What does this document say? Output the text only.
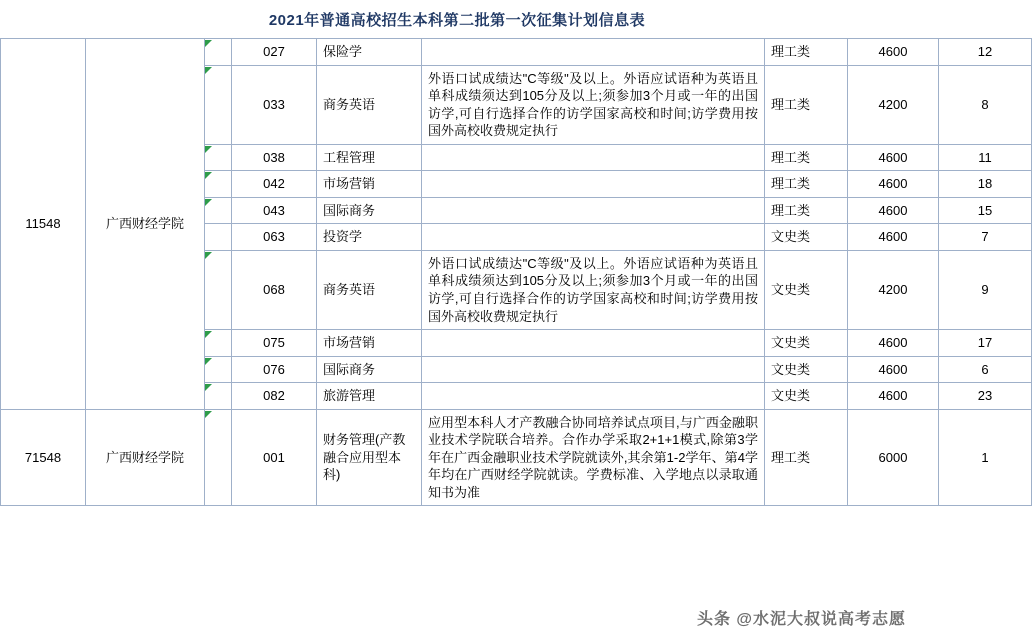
2021年普通高校招生本科第二批第一次征集计划信息表
11548	广西财经学院		027	保险学		理工类	4600	12

			033	商务英语	外语口试成绩达"C等级"及以上。外语应试语种为英语且单科成绩须达到105分及以上;须参加3个月或一年的出国访学,可自行选择合作的访学国家高校和时间;访学费用按国外高校收费规定执行	理工类	4200	8

			038	工程管理		理工类	4600	11

			042	市场营销		理工类	4600	18

			043	国际商务		理工类	4600	15
			063	投资学		文史类	4600	7

			068	商务英语	外语口试成绩达"C等级"及以上。外语应试语种为英语且单科成绩须达到105分及以上;须参加3个月或一年的出国访学,可自行选择合作的访学国家高校和时间;访学费用按国外高校收费规定执行	文史类	4200	9

			075	市场营销		文史类	4600	17

			076	国际商务		文史类	4600	6

			082	旅游管理		文史类	4600	23
71548	广西财经学院		001	财务管理(产教融合应用型本科)	应用型本科人才产教融合协同培养试点项目,与广西金融职业技术学院联合培养。合作办学采取2+1+1模式,除第3学年在广西金融职业技术学院就读外,其余第1-2学年、第4学年均在广西财经学院就读。学费标准、入学地点以录取通知书为准	理工类	6000	1
头条 @水泥大叔说高考志愿
